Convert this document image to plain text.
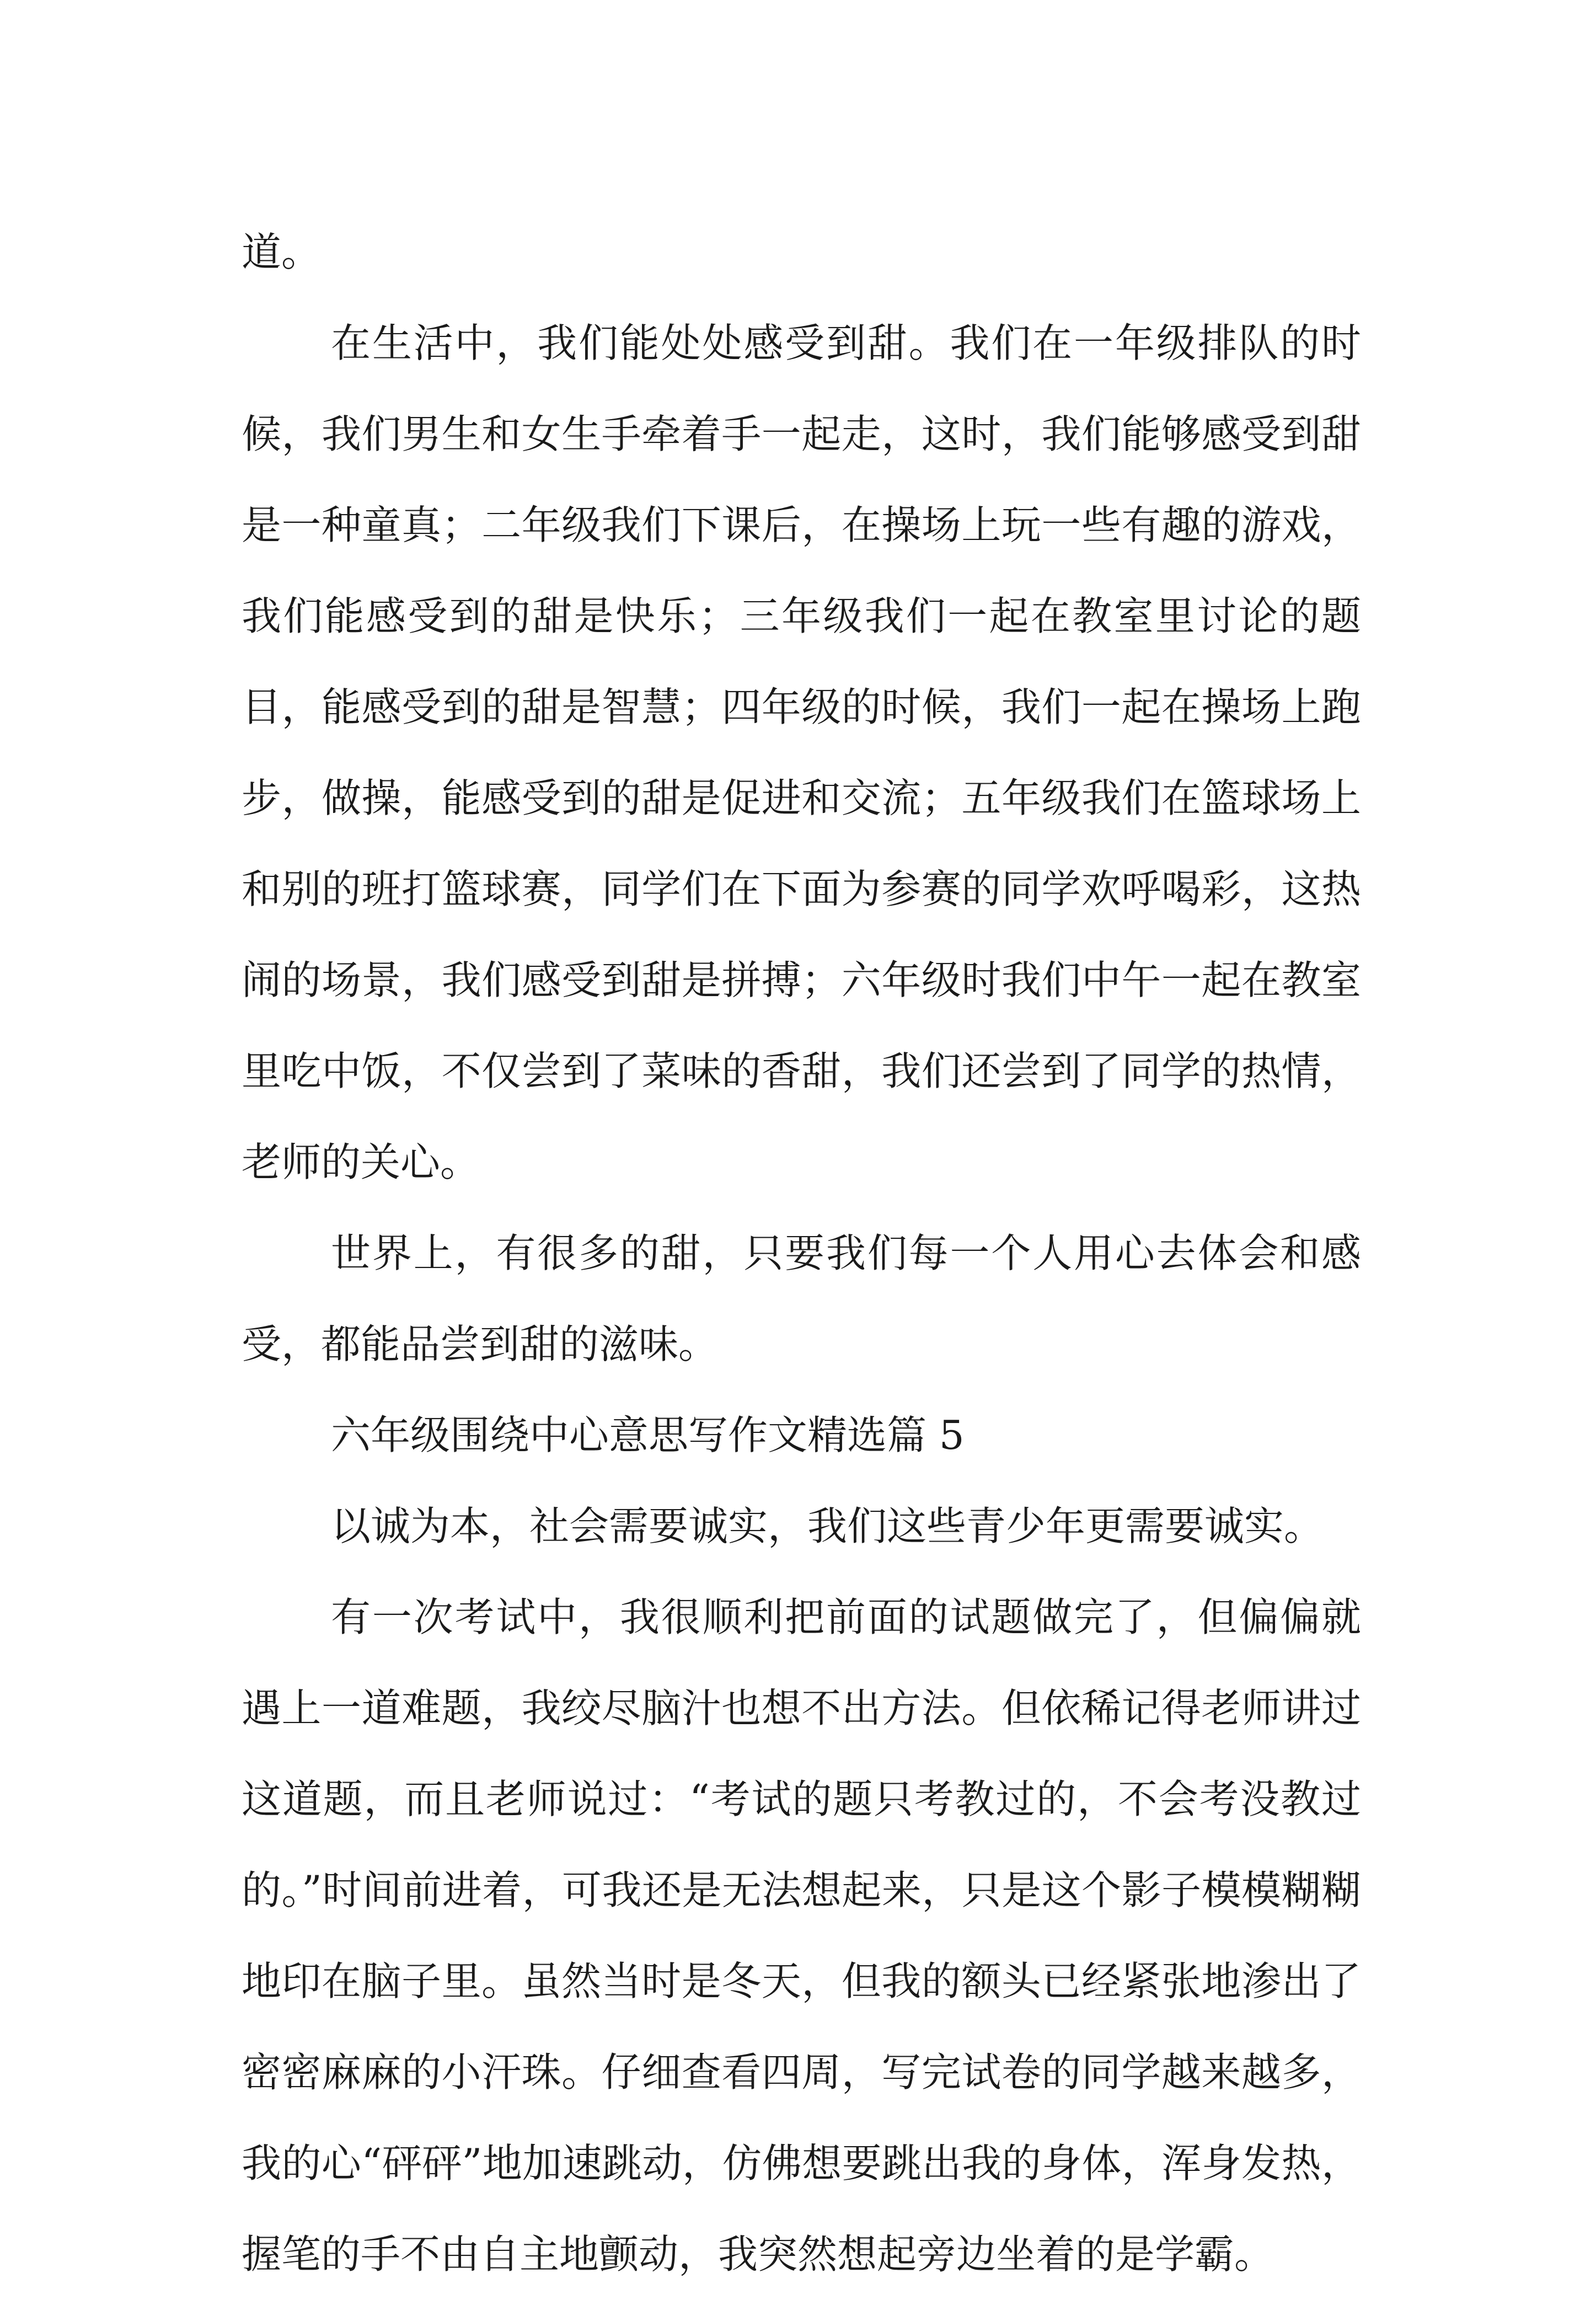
道。

在生活中，我们能处处感受到甜。我们在一年级排队的时候，我们男生和女生手牵着手一起走，这时，我们能够感受到甜是一种童真；二年级我们下课后，在操场上玩一些有趣的游戏，我们能感受到的甜是快乐；三年级我们一起在教室里讨论的题目，能感受到的甜是智慧；四年级的时候，我们一起在操场上跑步，做操，能感受到的甜是促进和交流；五年级我们在篮球场上和别的班打篮球赛，同学们在下面为参赛的同学欢呼喝彩，这热闹的场景，我们感受到甜是拼搏；六年级时我们中午一起在教室里吃中饭，不仅尝到了菜味的香甜，我们还尝到了同学的热情，老师的关心。

世界上，有很多的甜，只要我们每一个人用心去体会和感受，都能品尝到甜的滋味。

六年级围绕中心意思写作文精选篇 5

以诚为本，社会需要诚实，我们这些青少年更需要诚实。

有一次考试中，我很顺利把前面的试题做完了，但偏偏就遇上一道难题，我绞尽脑汁也想不出方法。但依稀记得老师讲过这道题，而且老师说过：“考试的题只考教过的，不会考没教过的。”时间前进着，可我还是无法想起来，只是这个影子模模糊糊地印在脑子里。虽然当时是冬天，但我的额头已经紧张地渗出了密密麻麻的小汗珠。仔细查看四周，写完试卷的同学越来越多，我的心“砰砰”地加速跳动，仿佛想要跳出我的身体，浑身发热，握笔的手不由自主地颤动，我突然想起旁边坐着的是学霸。
